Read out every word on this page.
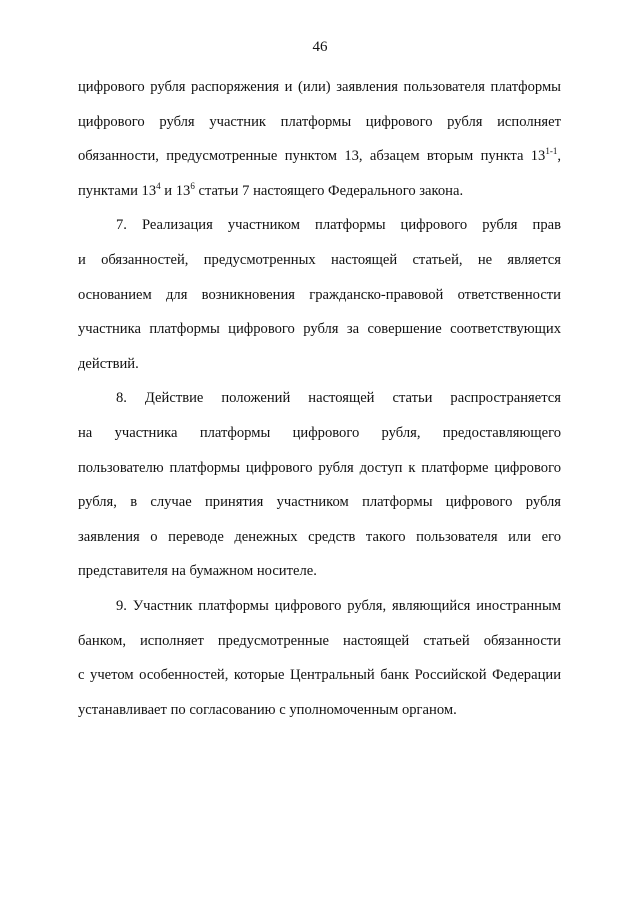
46
цифрового рубля распоряжения и (или) заявления пользователя платформы
цифрового рубля участник платформы цифрового рубля исполняет
обязанности, предусмотренные пунктом 13, абзацем вторым пункта 13$^{1-1}$,
пунктами $13^4$ и $13^6$ статьи 7 настоящего Федерального закона.
7. Реализация участником платформы цифрового рубля прав
и обязанностей, предусмотренных настоящей статьей, не является
основанием для возникновения гражданско-правовой ответственности
участника платформы цифрового рубля за совершение соответствующих
действий.
8. Действие положений настоящей статьи распространяется
на участника платформы цифрового рубля, предоставляющего
пользователю платформы цифрового рубля доступ к платформе цифрового
рубля, в случае принятия участником платформы цифрового рубля
заявления о переводе денежных средств такого пользователя или его
представителя на бумажном носителе.
9. Участник платформы цифрового рубля, являющийся иностранным
банком, исполняет предусмотренные настоящей статьей обязанности
с учетом особенностей, которые Центральный банк Российской Федерации
устанавливает по согласованию с уполномоченным органом.
